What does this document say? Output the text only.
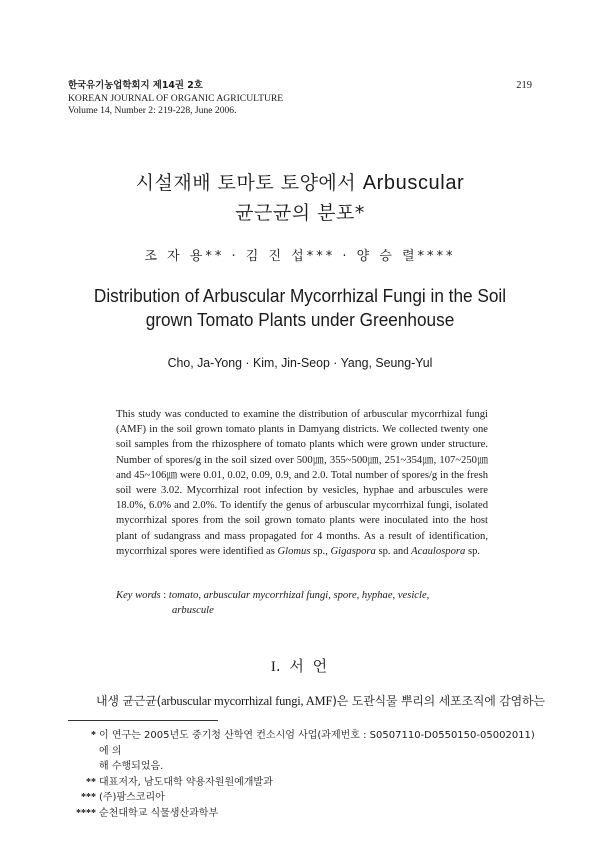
한국유기농업학회지 제14권 2호
KOREAN JOURNAL OF ORGANIC AGRICULTURE
Volume 14, Number 2: 219-228, June 2006.
219
시설재배 토마토 토양에서 Arbuscular
균근균의 분포*
조 자 용** · 김 진 섭*** · 양 승 렬****
Distribution of Arbuscular Mycorrhizal Fungi in the Soil
grown Tomato Plants under Greenhouse
Cho, Ja-Yong · Kim, Jin-Seop · Yang, Seung-Yul
This study was conducted to examine the distribution of arbuscular mycorrhizal fungi (AMF) in the soil grown tomato plants in Damyang districts. We collected twenty one soil samples from the rhizosphere of tomato plants which were grown under structure. Number of spores/g in the soil sized over 500㎛, 355~500㎛, 251~354㎛, 107~250㎛ and 45~106㎛ were 0.01, 0.02, 0.09, 0.9, and 2.0. Total number of spores/g in the fresh soil were 3.02. Mycorrhizal root infection by vesicles, hyphae and arbuscules were 18.0%, 6.0% and 2.0%. To identify the genus of arbuscular mycorrhizal fungi, isolated mycorrhizal spores from the soil grown tomato plants were inoculated into the host plant of sudangrass and mass propagated for 4 months. As a result of identification, mycorrhizal spores were identified as Glomus sp., Gigaspora sp. and Acaulospora sp.
Key words : tomato, arbuscular mycorrhizal fungi, spore, hyphae, vesicle,
arbuscule
I. 서 언
내생 균근균(arbuscular mycorrhizal fungi, AMF)은 도관식물 뿌리의 세포조직에 감염하는
* 이 연구는 2005년도 중기청 산학연 컨소시엄 사업(과제번호 : S0507110-D0550150-05002011)에 의
해 수행되었음.
** 대표저자, 남도대학 약용자원원예개발과
*** (주)팜스코리아
**** 순천대학교 식물생산과학부
